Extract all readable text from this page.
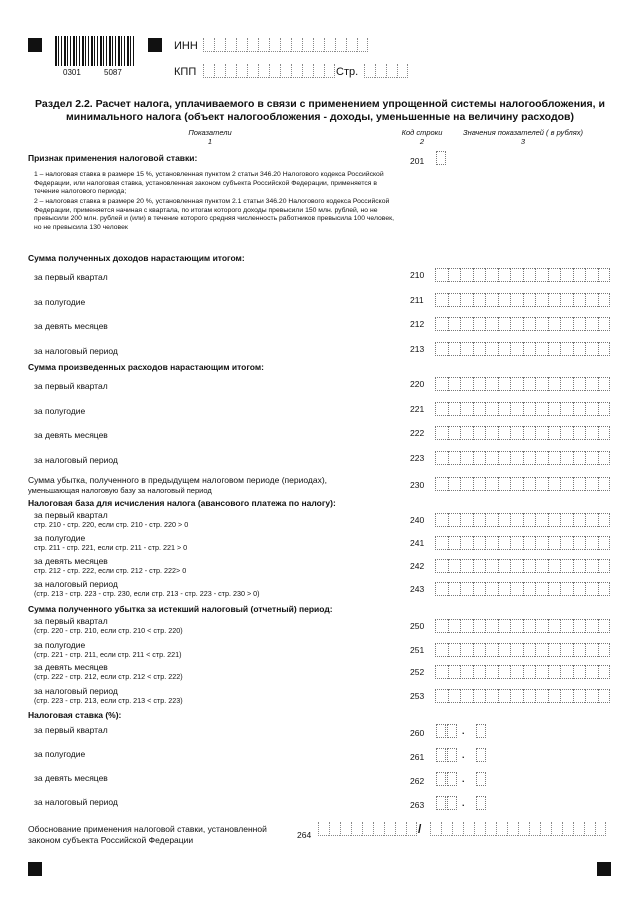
0301	5087
ИНН
КПП	Стр.
Раздел 2.2. Расчет налога, уплачиваемого в связи с применением упрощенной системы налогообложения, и минимального налога (объект налогообложения - доходы, уменьшенные на величину расходов)
Показатели
1
Код строки
2
Значения показателей ( в рублях)
3
Признак применения налоговой ставки:	201
1 – налоговая ставка в размере 15 %, установленная пунктом 2 статьи 346.20 Налогового кодекса Российской Федерации, или налоговая ставка, установленная законом субъекта Российской Федерации, применяется в течение налогового периода;
2 – налоговая ставка в размере 20 %, установленная пунктом 2.1 статьи 346.20 Налогового кодекса Российской Федерации, применяется начиная с квартала, по итогам которого доходы превысили 150 млн. рублей, но не превысили 200 млн. рублей и (или) в течение которого средняя численность работников превысила 100 человек, но не превысила 130 человек
Сумма полученных доходов нарастающим итогом:
за первый квартал	210
за полугодие	211
за девять месяцев	212
за налоговый период	213
Сумма произведенных расходов нарастающим итогом:
за первый квартал	220
за полугодие	221
за девять месяцев	222
за налоговый период	223
Сумма убытка, полученного в предыдущем налоговом периоде (периодах),
уменьшающая налоговую базу за налоговый период
230
Налоговая база для исчисления налога (авансового платежа по налогу):
за первый квартал
стр. 210 - стр. 220, если стр. 210 - стр. 220 > 0	240
за полугодие
стр. 211 - стр. 221, если стр. 211 - стр. 221 > 0	241
за девять месяцев
стр. 212 - стр. 222, если стр. 212 - стр. 222> 0	242
за налоговый период
(стр. 213 - стр. 223 - стр. 230, если стр. 213 - стр. 223 - стр. 230 > 0)	243
Сумма полученного убытка за истекший налоговый (отчетный) период:
за первый квартал
(стр. 220 - стр. 210, если стр. 210 < стр. 220)	250
за полугодие
(стр. 221 - стр. 211, если стр. 211 < стр. 221)	251
за девять месяцев
(стр. 222 - стр. 212, если стр. 212 < стр. 222)	252
за налоговый период
(стр. 223 - стр. 213, если стр. 213 < стр. 223)	253
Налоговая ставка (%):
за первый квартал	260	.
за полугодие	261	.
за девять месяцев	262	.
за налоговый период	263	.
Обоснование применения налоговой ставки, установленной
законом субъекта Российской Федерации	264	/
